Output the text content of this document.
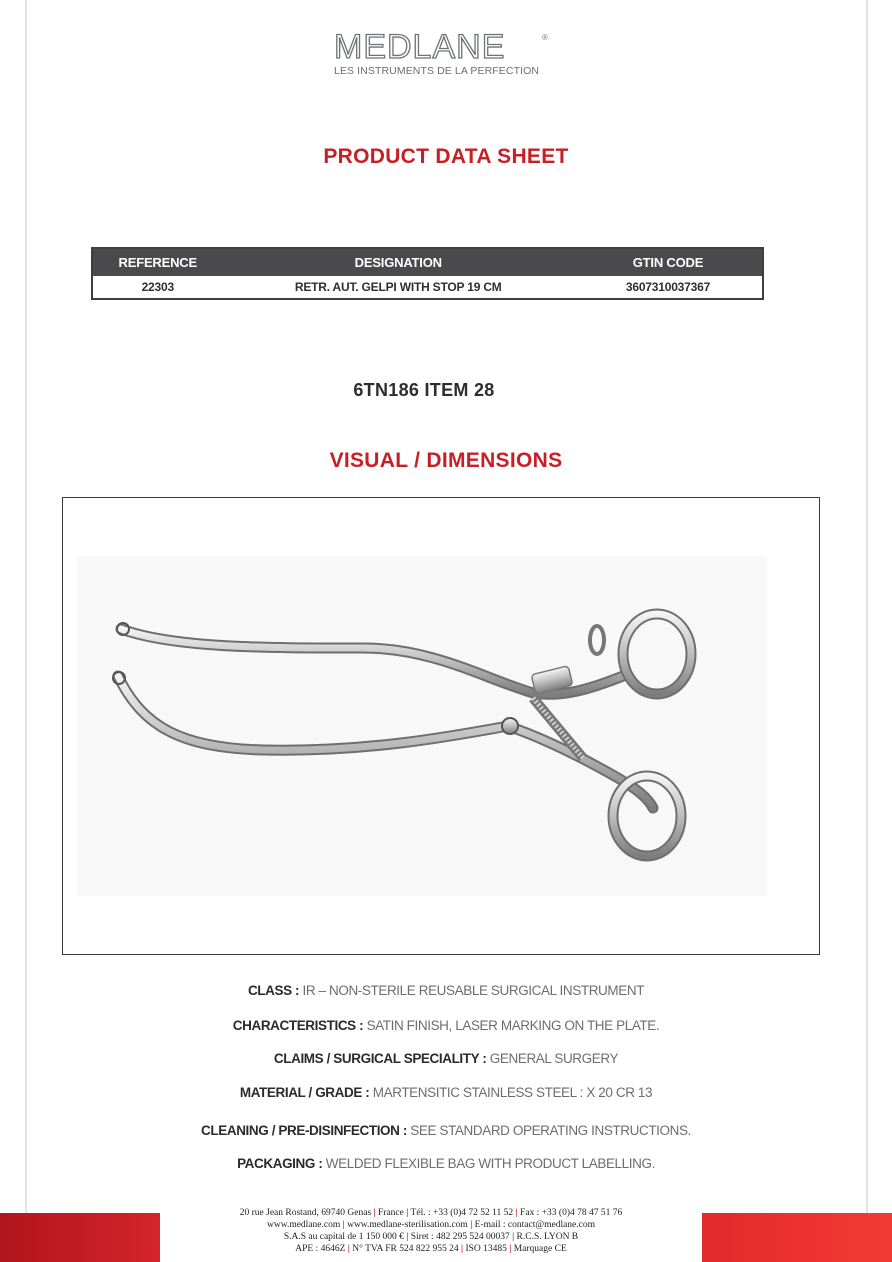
MEDLANE	®
LES INSTRUMENTS DE LA PERFECTION
PRODUCT DATA SHEET
REFERENCE	DESIGNATION	GTIN CODE
22303	RETR. AUT. GELPI WITH STOP 19 CM	3607310037367
6TN186 ITEM 28
VISUAL / DIMENSIONS
CLASS : IR – NON-STERILE REUSABLE SURGICAL INSTRUMENT
CHARACTERISTICS : SATIN FINISH, LASER MARKING ON THE PLATE.
CLAIMS / SURGICAL SPECIALITY : GENERAL SURGERY
MATERIAL / GRADE : MARTENSITIC STAINLESS STEEL : X 20 CR 13
CLEANING / PRE-DISINFECTION : SEE STANDARD OPERATING INSTRUCTIONS.
PACKAGING : WELDED FLEXIBLE BAG WITH PRODUCT LABELLING.
20 rue Jean Rostand, 69740 Genas | France | Tél. : +33 (0)4 72 52 11 52 | Fax : +33 (0)4 78 47 51 76
www.medlane.com | www.medlane-sterilisation.com | E-mail : contact@medlane.com
S.A.S au capital de 1 150 000 € | Siret : 482 295 524 00037 | R.C.S. LYON B
APE : 4646Z | N° TVA FR 524 822 955 24 | ISO 13485 | Marquage CE
